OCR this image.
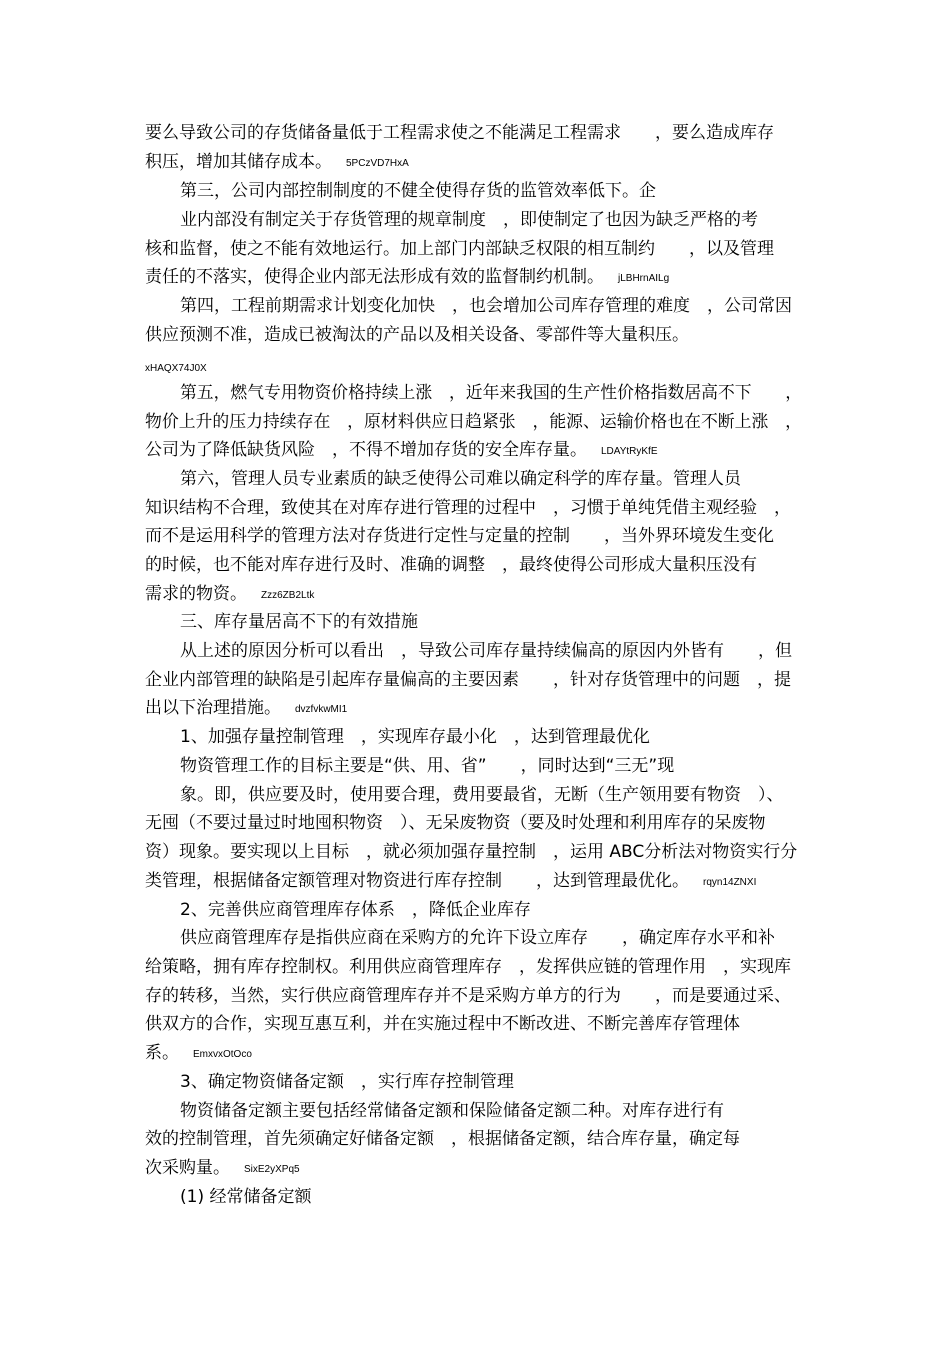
要么导致公司的存货储备量低于工程需求使之不能满足工程需求　　，要么造成库存
积压，增加其储存成本。 5PCzVD7HxA
第三，公司内部控制制度的不健全使得存货的监管效率低下。企
业内部没有制定关于存货管理的规章制度　，即使制定了也因为缺乏严格的考
核和监督，使之不能有效地运行。加上部门内部缺乏权限的相互制约　　，以及管理
责任的不落实，使得企业内部无法形成有效的监督制约机制。 jLBHrnAILg
第四，工程前期需求计划变化加快　，也会增加公司库存管理的难度　，公司常因
供应预测不准，造成已被淘汰的产品以及相关设备、零部件等大量积压。
xHAQX74J0X
第五，燃气专用物资价格持续上涨　，近年来我国的生产性价格指数居高不下　　，
物价上升的压力持续存在　，原材料供应日趋紧张　，能源、运输价格也在不断上涨　，
公司为了降低缺货风险　，不得不增加存货的安全库存量。 LDAYtRyKfE
第六，管理人员专业素质的缺乏使得公司难以确定科学的库存量。管理人员
知识结构不合理，致使其在对库存进行管理的过程中　，习惯于单纯凭借主观经验　，
而不是运用科学的管理方法对存货进行定性与定量的控制　　，当外界环境发生变化
的时候，也不能对库存进行及时、准确的调整　，最终使得公司形成大量积压没有
需求的物资。 Zzz6ZB2Ltk
三、库存量居高不下的有效措施
从上述的原因分析可以看出　，导致公司库存量持续偏高的原因内外皆有　　，但
企业内部管理的缺陷是引起库存量偏高的主要因素　　，针对存货管理中的问题　，提
出以下治理措施。 dvzfvkwMI1
1、加强存量控制管理　，实现库存最小化　，达到管理最优化
物资管理工作的目标主要是“供、用、省”　　，同时达到“三无”现
象。即，供应要及时，使用要合理，费用要最省，无断（生产领用要有物资　）、
无囤（不要过量过时地囤积物资　）、无呆废物资（要及时处理和利用库存的呆废物
资）现象。要实现以上目标　，就必须加强存量控制　，运用 ABC分析法对物资实行分
类管理，根据储备定额管理对物资进行库存控制　　，达到管理最优化。 rqyn14ZNXI
2、完善供应商管理库存体系　，降低企业库存
供应商管理库存是指供应商在采购方的允许下设立库存　　，确定库存水平和补
给策略，拥有库存控制权。利用供应商管理库存　，发挥供应链的管理作用　，实现库
存的转移，当然，实行供应商管理库存并不是采购方单方的行为　　，而是要通过采、
供双方的合作，实现互惠互利，并在实施过程中不断改进、不断完善库存管理体
系。 EmxvxOtOco
3、确定物资储备定额　，实行库存控制管理
物资储备定额主要包括经常储备定额和保险储备定额二种。对库存进行有
效的控制管理，首先须确定好储备定额　，根据储备定额，结合库存量，确定每
次采购量。 SixE2yXPq5
(1) 经常储备定额
